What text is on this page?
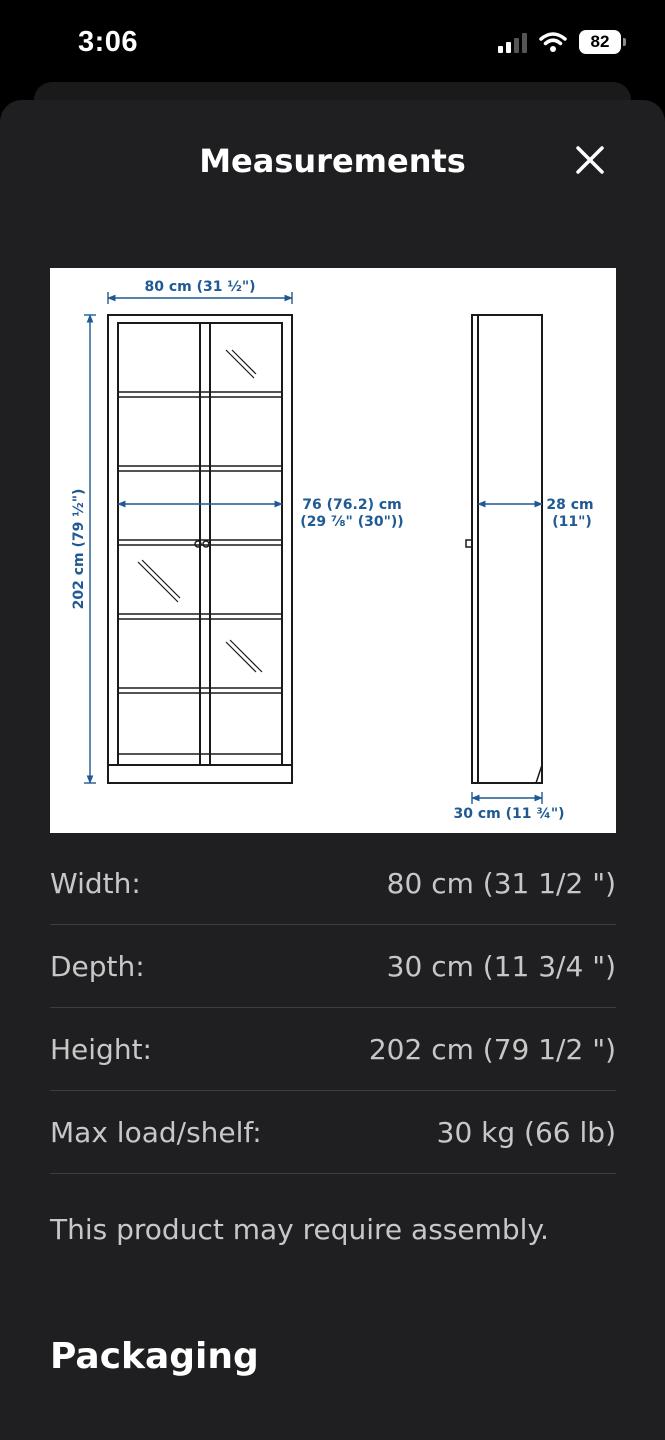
3:06	82
Measurements
80 cm (31 ½")
202 cm (79 ½")	76 (76.2) cm
(29 ⅞" (30"))
28 cm
(11")
30 cm (11 ¾")
Width:	80 cm (31 1/2 ")
Depth:	30 cm (11 3/4 ")
Height:	202 cm (79 1/2 ")
Max load/shelf:	30 kg (66 lb)
This product may require assembly.
Packaging
